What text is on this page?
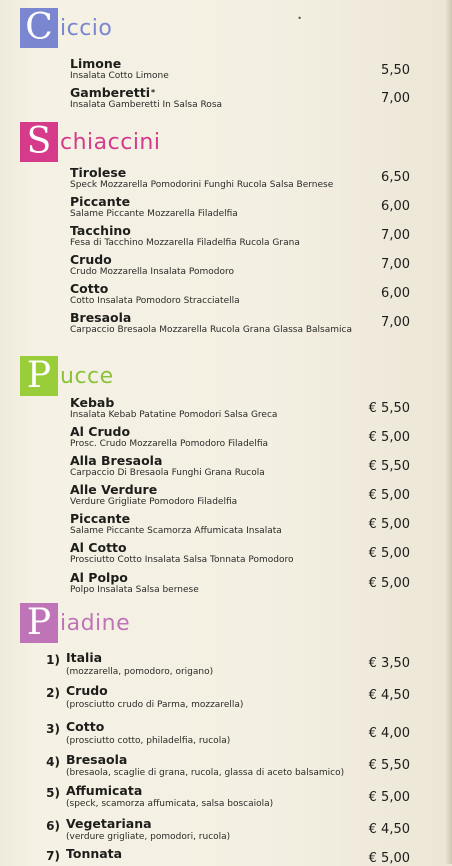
•
C iccio
Limone
Insalata Cotto Limone	5,50
Gamberetti*
Insalata Gamberetti In Salsa Rosa	7,00
S chiaccini
Tirolese
Speck Mozzarella Pomodorini Funghi Rucola Salsa Bernese	6,50
Piccante
Salame Piccante Mozzarella Filadelfia	6,00
Tacchino
Fesa di Tacchino Mozzarella Filadelfia Rucola Grana	7,00
Crudo
Crudo Mozzarella Insalata Pomodoro	7,00
Cotto
Cotto Insalata Pomodoro Stracciatella	6,00
Bresaola
Carpaccio Bresaola Mozzarella Rucola Grana Glassa Balsamica	7,00
P ucce
Kebab
Insalata Kebab Patatine Pomodori Salsa Greca	€ 5,50
Al Crudo
Prosc. Crudo Mozzarella Pomodoro Filadelfia	€ 5,00
Alla Bresaola
Carpaccio Di Bresaola Funghi Grana Rucola	€ 5,50
Alle Verdure
Verdure Grigliate Pomodoro Filadelfia	€ 5,00
Piccante
Salame Piccante Scamorza Affumicata Insalata	€ 5,00
Al Cotto
Prosciutto Cotto Insalata Salsa Tonnata Pomodoro	€ 5,00
Al Polpo
Polpo Insalata Salsa bernese	€ 5,00
P iadine
1) Italia
(mozzarella, pomodoro, origano)
€ 3,50
2) Crudo
(prosciutto crudo di Parma, mozzarella)
€ 4,50
3) Cotto
(prosciutto cotto, philadelfia, rucola)	€ 4,00
4) Bresaola
(bresaola, scaglie di grana, rucola, glassa di aceto balsamico)	€ 5,50
5) Affumicata
(speck, scamorza affumicata, salsa boscaiola)	€ 5,00
6) Vegetariana
(verdure grigliate, pomodori, rucola)	€ 4,50
7) Tonnata	€ 5,00
